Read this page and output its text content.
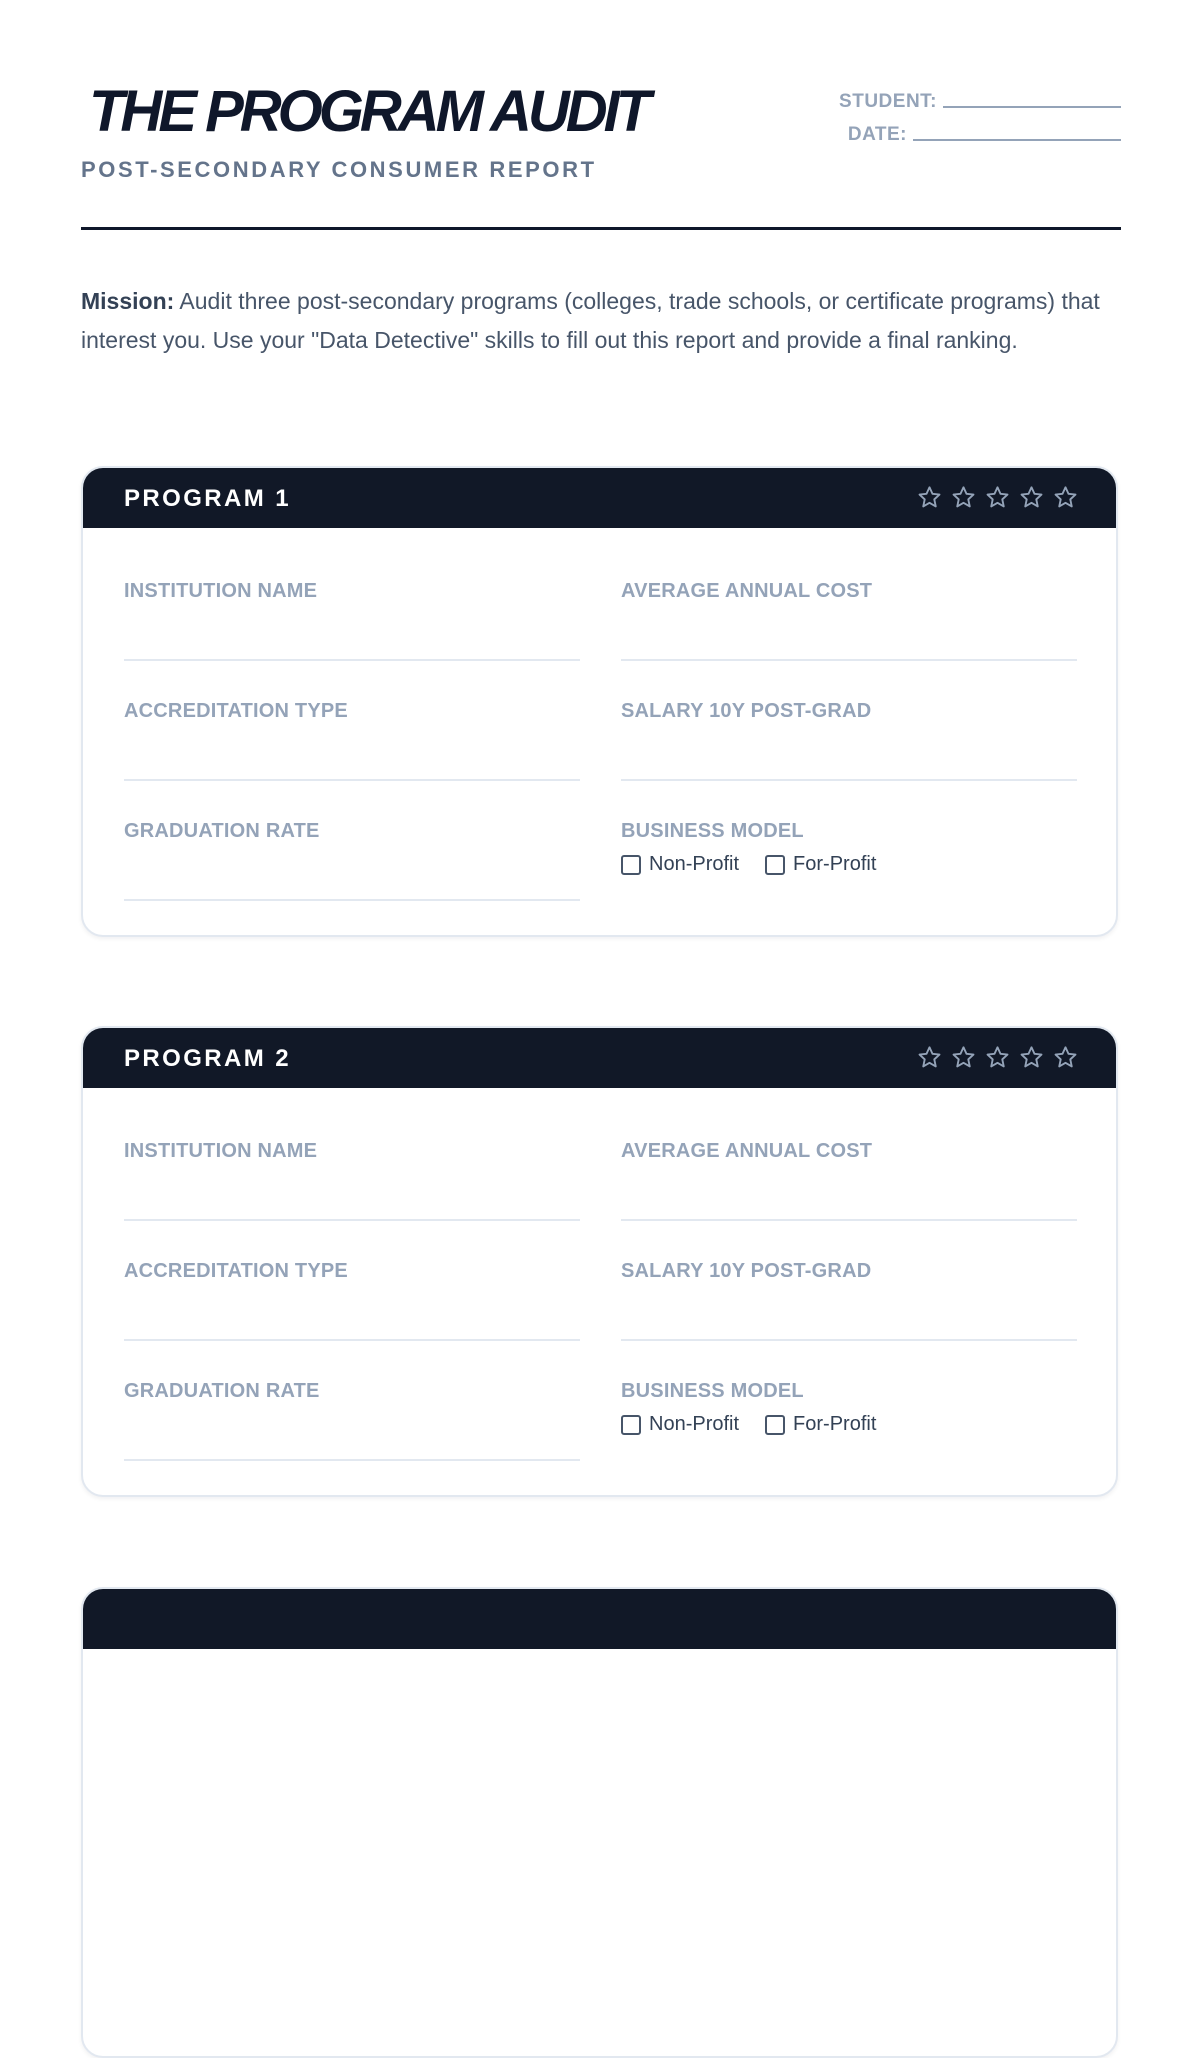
THE PROGRAM AUDIT
POST-SECONDARY CONSUMER REPORT
STUDENT:
DATE:

Mission: Audit three post-secondary programs (colleges, trade schools, or certificate programs) that interest you. Use your "Data Detective" skills to fill out this report and provide a final ranking.

PROGRAM 1
INSTITUTION NAME	AVERAGE ANNUAL COST
ACCREDITATION TYPE	SALARY 10Y POST-GRAD
GRADUATION RATE	BUSINESS MODEL
Non-Profit	For-Profit
PROGRAM 2
INSTITUTION NAME	AVERAGE ANNUAL COST
ACCREDITATION TYPE	SALARY 10Y POST-GRAD
GRADUATION RATE	BUSINESS MODEL
Non-Profit	For-Profit
